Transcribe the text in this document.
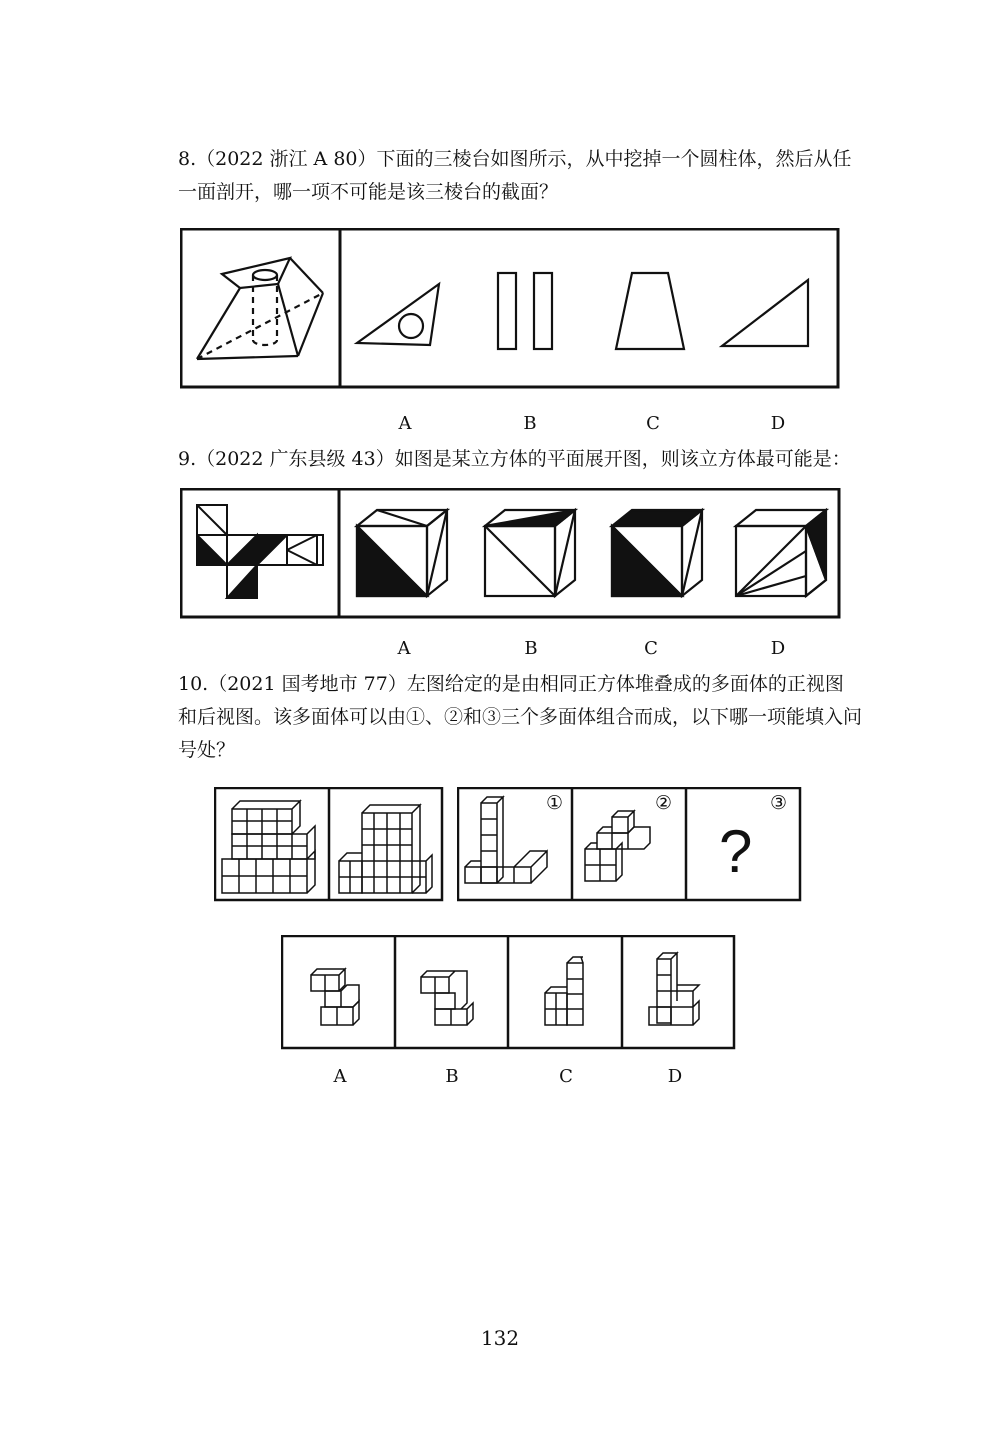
8.（2022 浙江 A 80）下面的三棱台如图所示，从中挖掉一个圆柱体，然后从任
一面剖开，哪一项不可能是该三棱台的截面？
A	B	C	D
9.（2022 广东县级 43）如图是某立方体的平面展开图，则该立方体最可能是：
A	B	C	D
10.（2021 国考地市 77）左图给定的是由相同正方体堆叠成的多面体的正视图
和后视图。该多面体可以由①、②和③三个多面体组合而成，以下哪一项能填入问
号处？
①	②	③
?
A	B	C	D
132
